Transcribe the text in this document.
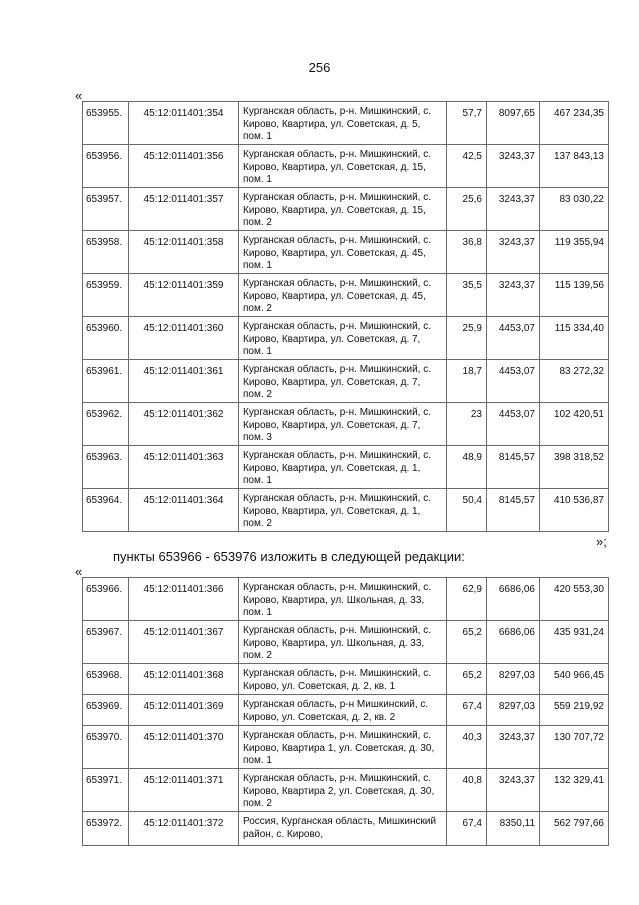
256
«
653955.	45:12:011401:354	Курганская область, р-н. Мишкинский, с. Кирово, Квартира, ул. Советская, д. 5, пом. 1	57,7	8097,65	467 234,35
653956.	45:12:011401:356	Курганская область, р-н. Мишкинский, с. Кирово, Квартира, ул. Советская, д. 15, пом. 1	42,5	3243,37	137 843,13
653957.	45:12:011401:357	Курганская область, р-н. Мишкинский, с. Кирово, Квартира, ул. Советская, д. 15, пом. 2	25,6	3243,37	83 030,22
653958.	45:12:011401:358	Курганская область, р-н. Мишкинский, с. Кирово, Квартира, ул. Советская, д. 45, пом. 1	36,8	3243,37	119 355,94
653959.	45:12:011401:359	Курганская область, р-н. Мишкинский, с. Кирово, Квартира, ул. Советская, д. 45, пом. 2	35,5	3243,37	115 139,56
653960.	45:12:011401:360	Курганская область, р-н. Мишкинский, с. Кирово, Квартира, ул. Советская, д. 7, пом. 1	25,9	4453,07	115 334,40
653961.	45:12:011401:361	Курганская область, р-н. Мишкинский, с. Кирово, Квартира, ул. Советская, д. 7, пом. 2	18,7	4453,07	83 272,32
653962.	45:12:011401:362	Курганская область, р-н. Мишкинский, с. Кирово, Квартира, ул. Советская, д. 7, пом. 3	23	4453,07	102 420,51
653963.	45:12:011401:363	Курганская область, р-н. Мишкинский, с. Кирово, Квартира, ул. Советская, д. 1, пом. 1	48,9	8145,57	398 318,52
653964.	45:12:011401:364	Курганская область, р-н. Мишкинский, с. Кирово, Квартира, ул. Советская, д. 1, пом. 2	50,4	8145,57	410 536,87
»;
пункты 653966 - 653976 изложить в следующей редакции:
«
653966.	45:12:011401:366	Курганская область, р-н. Мишкинский, с. Кирово, Квартира, ул. Школьная, д. 33, пом. 1	62,9	6686,06	420 553,30
653967.	45:12:011401:367	Курганская область, р-н. Мишкинский, с. Кирово, Квартира, ул. Школьная, д. 33, пом. 2	65,2	6686,06	435 931,24
653968.	45:12:011401:368	Курганская область, р-н. Мишкинский, с. Кирово, ул. Советская, д. 2, кв. 1	65,2	8297,03	540 966,45
653969.	45:12:011401:369	Курганская область, р-н Мишкинский, с. Кирово, ул. Советская, д. 2, кв. 2	67,4	8297,03	559 219,92
653970.	45:12:011401:370	Курганская область, р-н. Мишкинский, с. Кирово, Квартира 1, ул. Советская, д. 30, пом. 1	40,3	3243,37	130 707,72
653971.	45:12:011401:371	Курганская область, р-н. Мишкинский, с. Кирово, Квартира 2, ул. Советская, д. 30, пом. 2	40,8	3243,37	132 329,41
653972.	45:12:011401:372	Россия, Курганская область, Мишкинский район, с. Кирово,	67,4	8350,11	562 797,66
